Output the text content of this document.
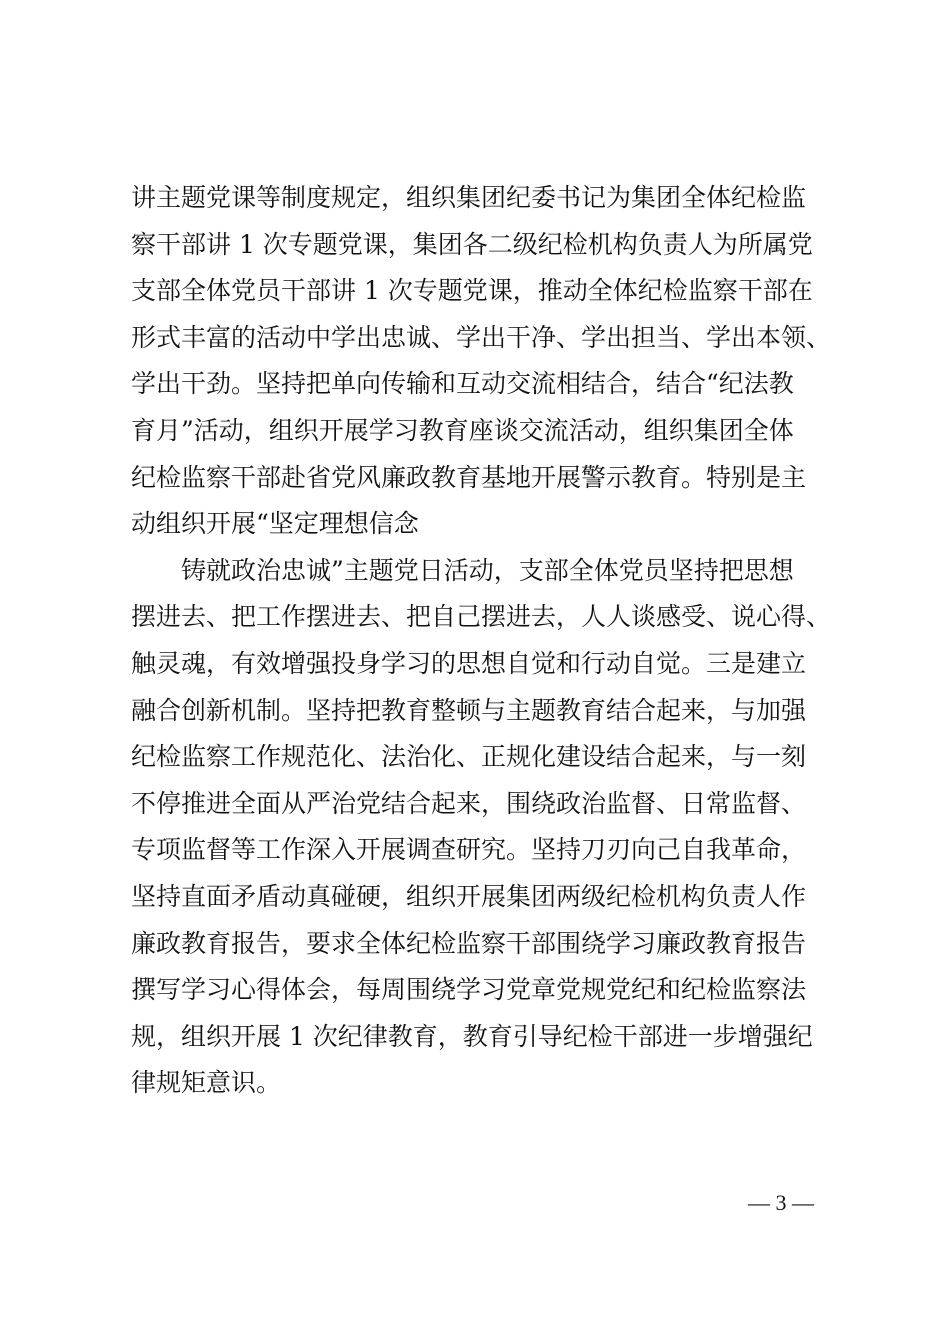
讲主题党课等制度规定，组织集团纪委书记为集团全体纪检监
察干部讲 1 次专题党课，集团各二级纪检机构负责人为所属党
支部全体党员干部讲 1 次专题党课，推动全体纪检监察干部在
形式丰富的活动中学出忠诚、学出干净、学出担当、学出本领、
学出干劲。坚持把单向传输和互动交流相结合，结合“纪法教
育月”活动，组织开展学习教育座谈交流活动，组织集团全体
纪检监察干部赴省党风廉政教育基地开展警示教育。特别是主
动组织开展“坚定理想信念
铸就政治忠诚”主题党日活动，支部全体党员坚持把思想
摆进去、把工作摆进去、把自己摆进去，人人谈感受、说心得、
触灵魂，有效增强投身学习的思想自觉和行动自觉。三是建立
融合创新机制。坚持把教育整顿与主题教育结合起来，与加强
纪检监察工作规范化、法治化、正规化建设结合起来，与一刻
不停推进全面从严治党结合起来，围绕政治监督、日常监督、
专项监督等工作深入开展调查研究。坚持刀刃向己自我革命，
坚持直面矛盾动真碰硬，组织开展集团两级纪检机构负责人作
廉政教育报告，要求全体纪检监察干部围绕学习廉政教育报告
撰写学习心得体会，每周围绕学习党章党规党纪和纪检监察法
规，组织开展 1 次纪律教育，教育引导纪检干部进一步增强纪
律规矩意识。
— 3 —
